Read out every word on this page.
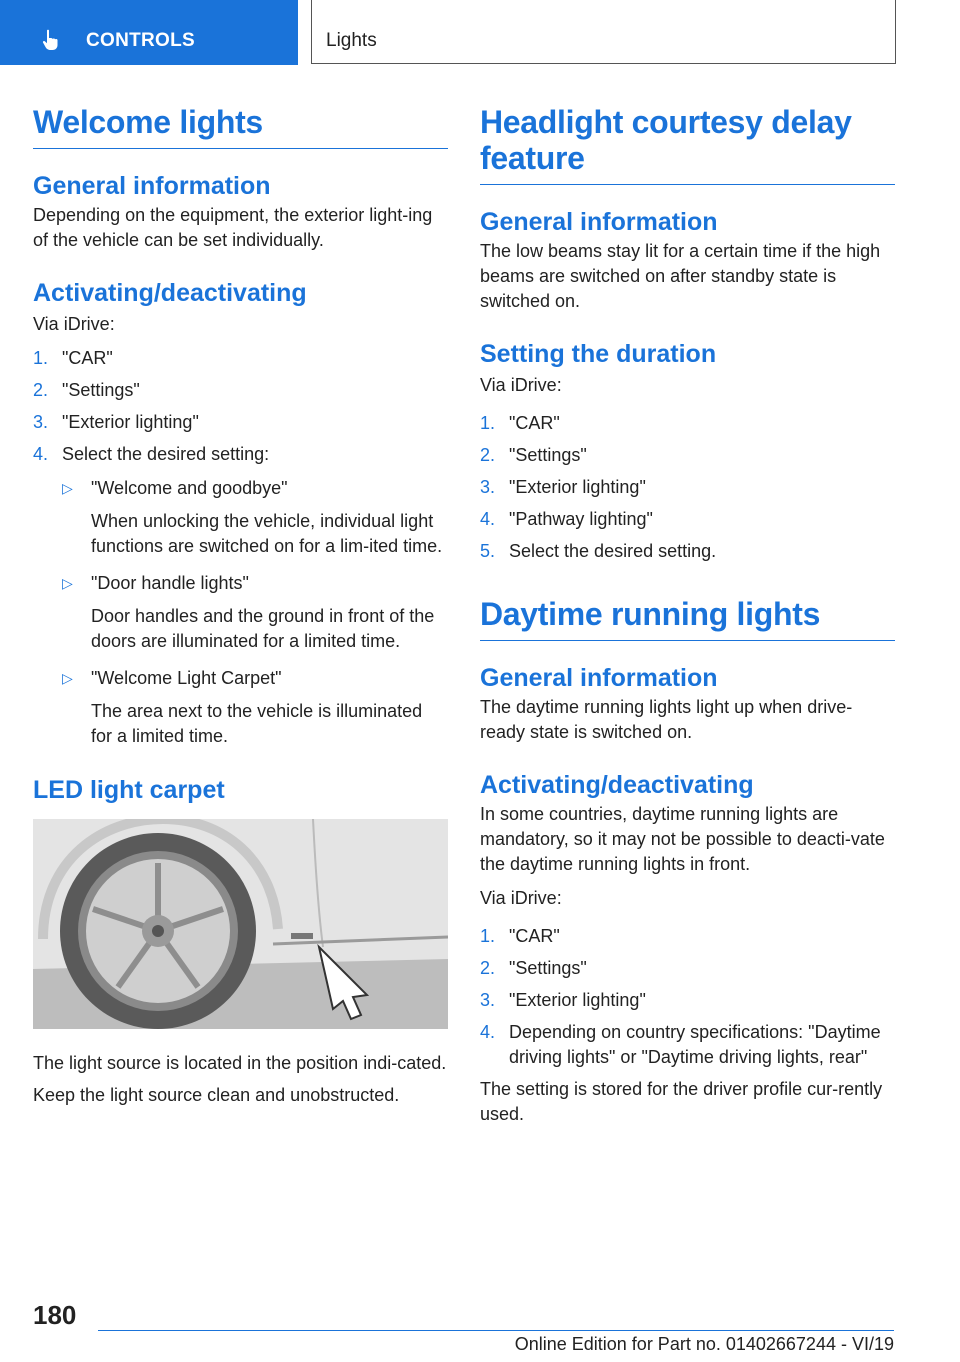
CONTROLS	Lights
Welcome lights
General information

Depending on the equipment, the exterior light-ing of the vehicle can be set individually.

Activating/deactivating

Via iDrive:

1. "CAR"
2. "Settings"
3. "Exterior lighting"
4. Select the desired setting:
▷ "Welcome and goodbye"
When unlocking the vehicle, individual light functions are switched on for a lim-ited time.
▷ "Door handle lights"
Door handles and the ground in front of the doors are illuminated for a limited time.
▷ "Welcome Light Carpet"
The area next to the vehicle is illuminated for a limited time.
LED light carpet

The light source is located in the position indi-cated.

Keep the light source clean and unobstructed.

Headlight courtesy delay feature
General information

The low beams stay lit for a certain time if the high beams are switched on after standby state is switched on.

Setting the duration

Via iDrive:

1. "CAR"
2. "Settings"
3. "Exterior lighting"
4. "Pathway lighting"
5. Select the desired setting.
Daytime running lights
General information

The daytime running lights light up when drive-ready state is switched on.

Activating/deactivating

In some countries, daytime running lights are mandatory, so it may not be possible to deacti-vate the daytime running lights in front.

Via iDrive:

1. "CAR"
2. "Settings"
3. "Exterior lighting"
4. Depending on country specifications: "Daytime driving lights" or "Daytime driving lights, rear"

The setting is stored for the driver profile cur-rently used.

180
Online Edition for Part no. 01402667244 - VI/19
